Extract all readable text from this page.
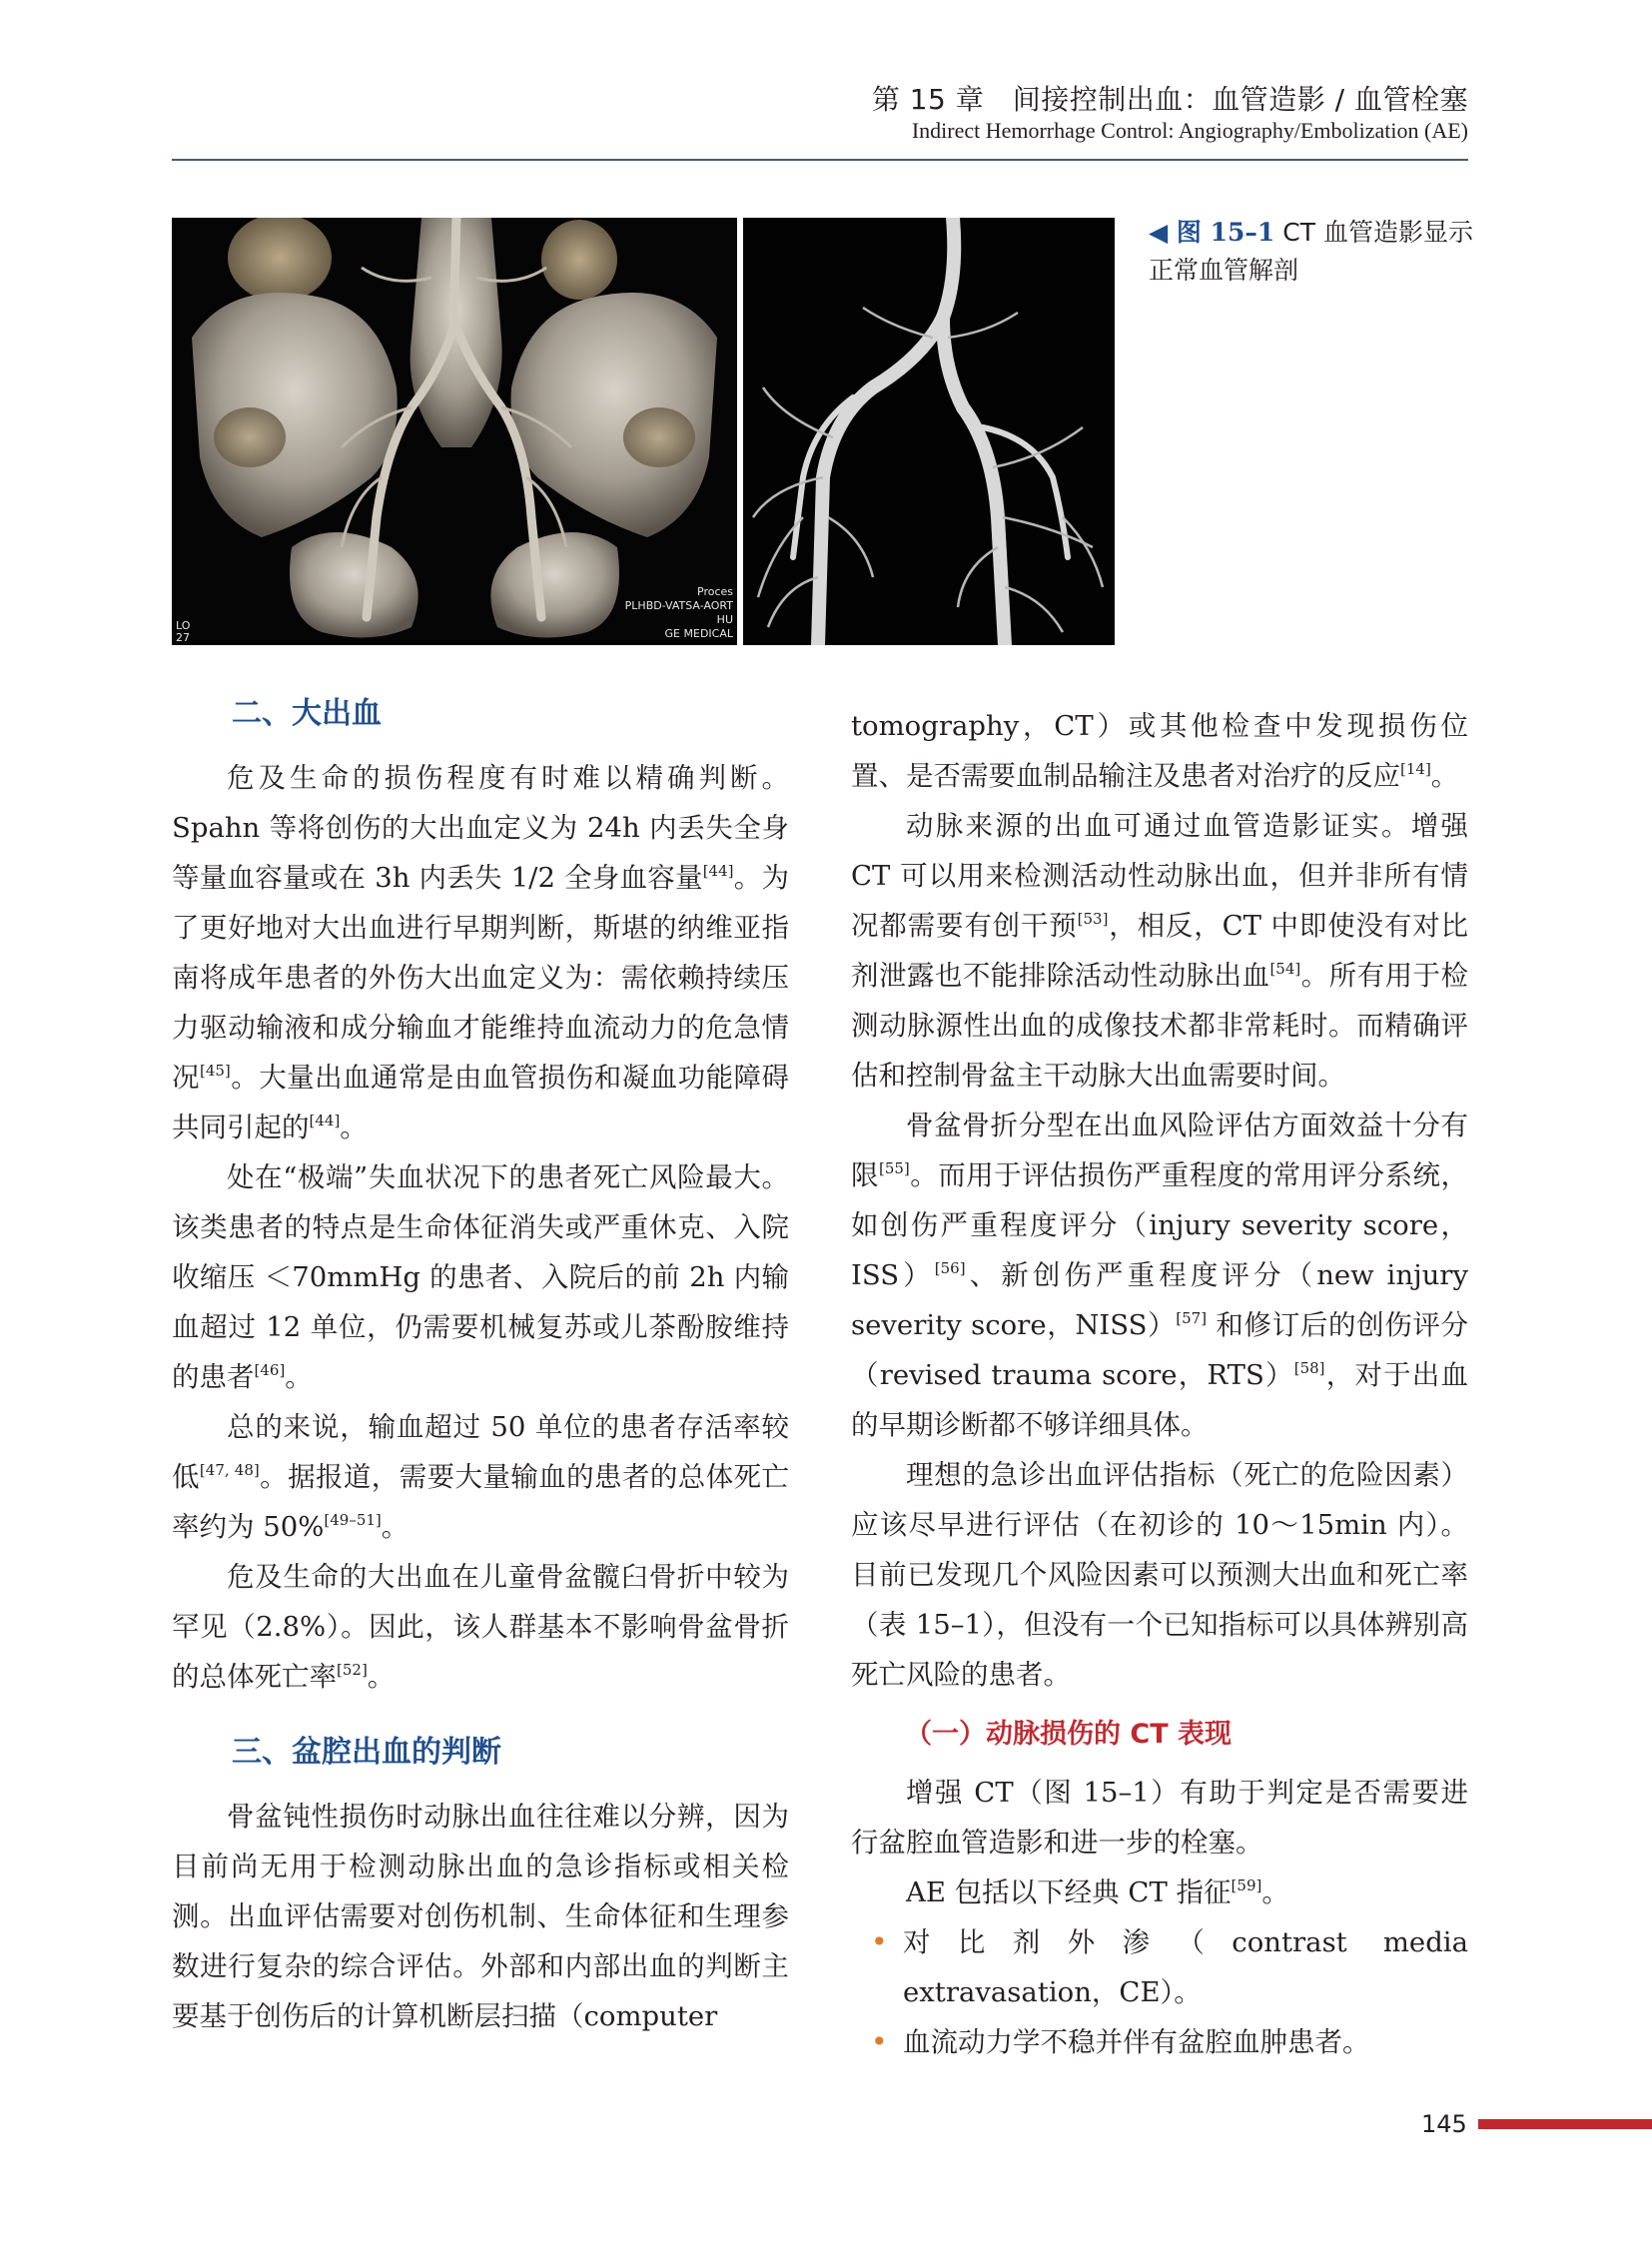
第 15 章　间接控制出血：血管造影 / 血管栓塞
Indirect Hemorrhage Control: Angiography/Embolization (AE)
LO
27
Proces
PLHBD-VATSA-AORT
HU
GE MEDICAL
◀ 图 15–1 CT 血管造影显示正常血管解剖

二、大出血

危及生命的损伤程度有时难以精确判断。Spahn 等将创伤的大出血定义为 24h 内丢失全身等量血容量或在 3h 内丢失 1/2 全身血容量[44]。为了更好地对大出血进行早期判断，斯堪的纳维亚指南将成年患者的外伤大出血定义为：需依赖持续压力驱动输液和成分输血才能维持血流动力的危急情况[45]。大量出血通常是由血管损伤和凝血功能障碍共同引起的[44]。

处在“极端”失血状况下的患者死亡风险最大。该类患者的特点是生命体征消失或严重休克、入院收缩压 ＜70mmHg 的患者、入院后的前 2h 内输血超过 12 单位，仍需要机械复苏或儿茶酚胺维持的患者[46]。

总的来说，输血超过 50 单位的患者存活率较低[47, 48]。据报道，需要大量输血的患者的总体死亡率约为 50%[49–51]。

危及生命的大出血在儿童骨盆髋臼骨折中较为罕见（2.8%）。因此，该人群基本不影响骨盆骨折的总体死亡率[52]。

三、盆腔出血的判断

骨盆钝性损伤时动脉出血往往难以分辨，因为目前尚无用于检测动脉出血的急诊指标或相关检测。出血评估需要对创伤机制、生命体征和生理参数进行复杂的综合评估。外部和内部出血的判断主要基于创伤后的计算机断层扫描（computer

tomography，CT）或其他检查中发现损伤位置、是否需要血制品输注及患者对治疗的反应[14]。

动脉来源的出血可通过血管造影证实。增强 CT 可以用来检测活动性动脉出血，但并非所有情况都需要有创干预[53]，相反，CT 中即使没有对比剂泄露也不能排除活动性动脉出血[54]。所有用于检测动脉源性出血的成像技术都非常耗时。而精确评估和控制骨盆主干动脉大出血需要时间。

骨盆骨折分型在出血风险评估方面效益十分有限[55]。而用于评估损伤严重程度的常用评分系统，如创伤严重程度评分（injury severity score，ISS）[56]、新创伤严重程度评分（new injury severity score，NISS）[57] 和修订后的创伤评分（revised trauma score，RTS）[58]，对于出血的早期诊断都不够详细具体。

理想的急诊出血评估指标（死亡的危险因素）应该尽早进行评估（在初诊的 10～15min 内）。目前已发现几个风险因素可以预测大出血和死亡率（表 15–1），但没有一个已知指标可以具体辨别高死亡风险的患者。

（一）动脉损伤的 CT 表现

增强 CT（图 15–1）有助于判定是否需要进行盆腔血管造影和进一步的栓塞。

AE 包括以下经典 CT 指征[59]。

• 对比剂外渗（contrast media extravasation，CE）。
• 血流动力学不稳并伴有盆腔血肿患者。
145
